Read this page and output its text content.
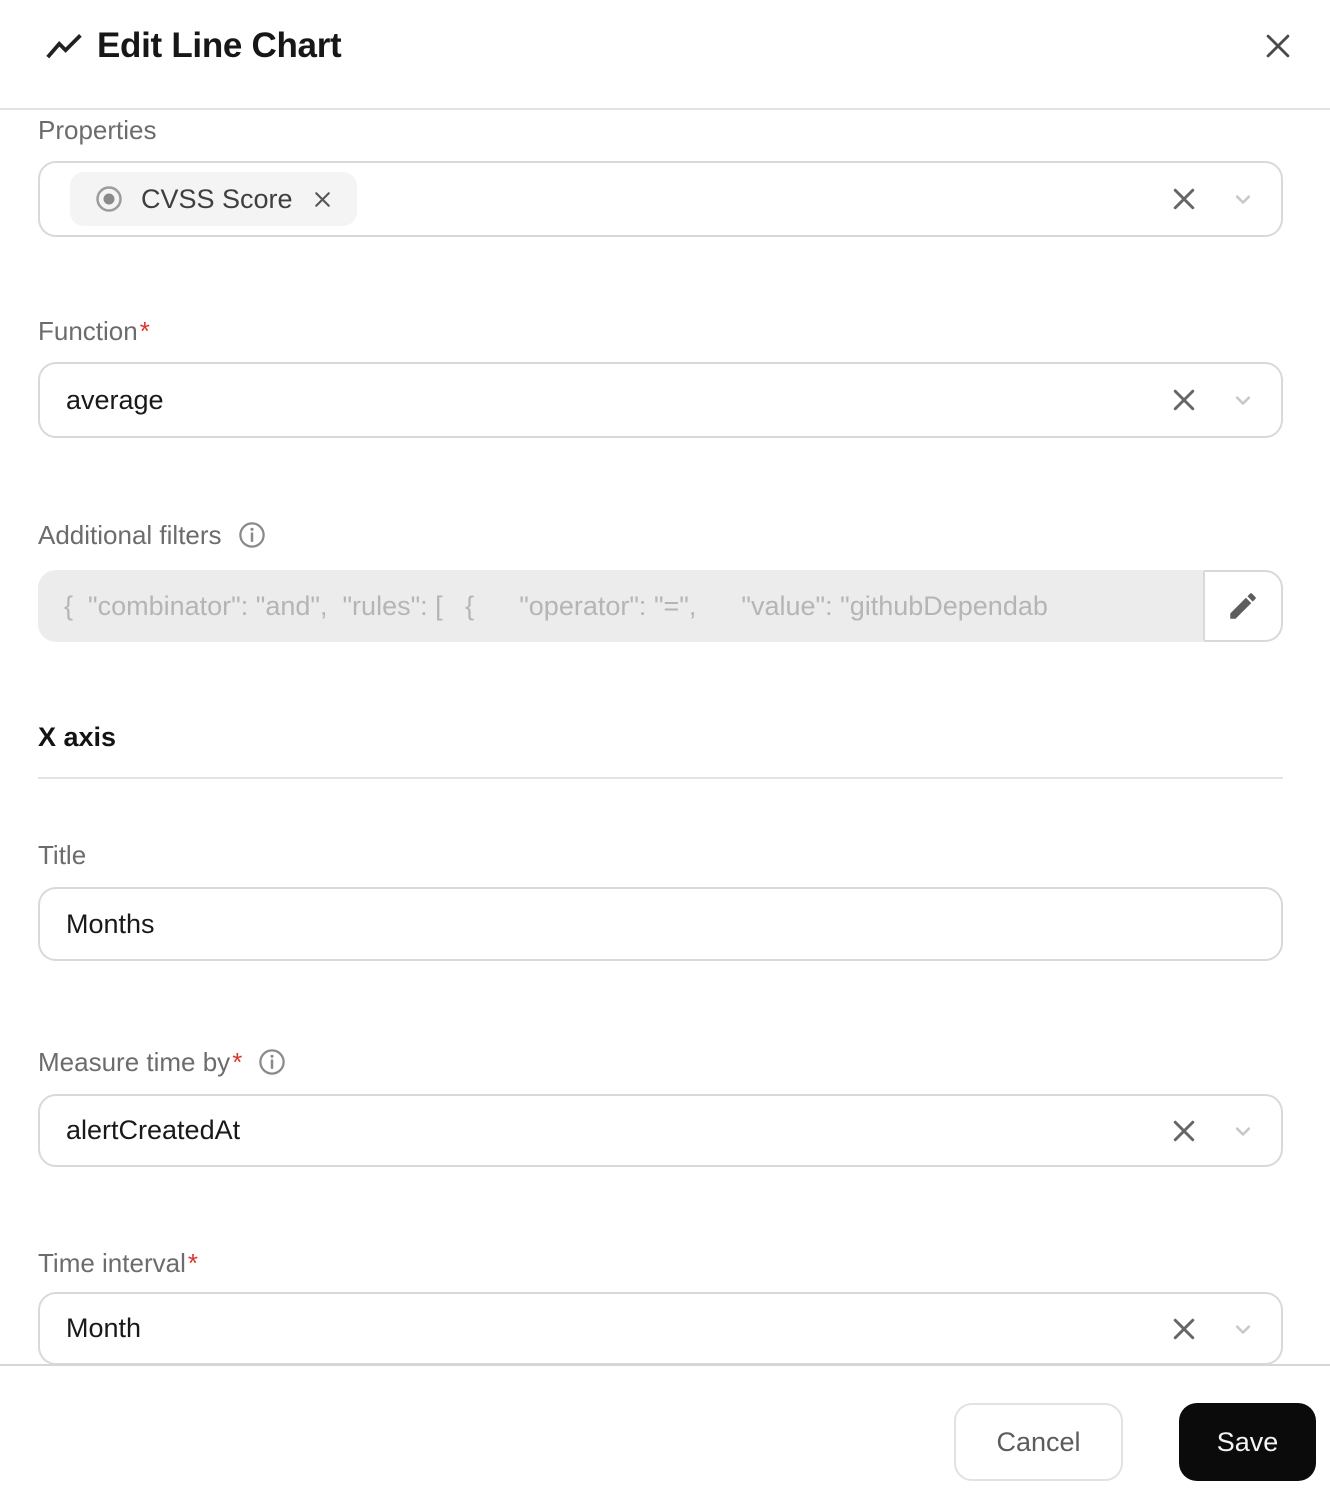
Edit Line Chart
Properties
CVSS Score
Function *
average
Additional filters
{  "combinator": "and",  "rules": [   {      "operator": "=",      "value": "githubDependab
X axis
Title
Months
Measure time by *
alertCreatedAt
Time interval *
Month
Cancel	Save
